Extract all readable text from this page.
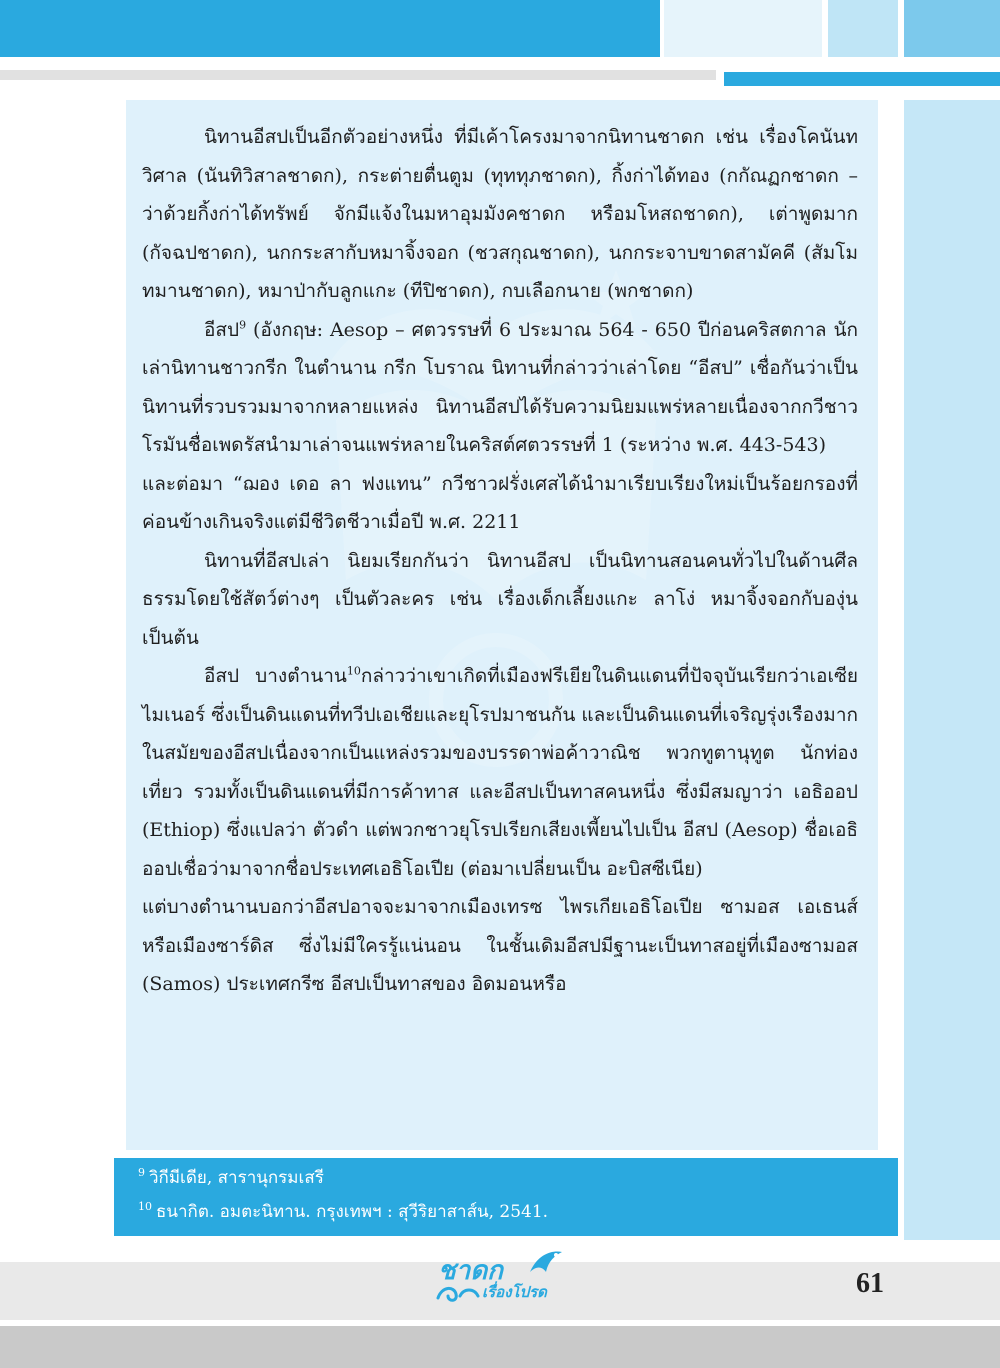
นิทานอีสปเป็นอีกตัวอย่างหนึ่ง ที่มีเค้าโครงมาจากนิทานชาดก เช่น เรื่องโคนันทวิศาล (นันทิวิสาลชาดก), กระต่ายตื่นตูม (ทุททุภชาดก), กิ้งก่าได้ทอง (กกัณฏกชาดก – ว่าด้วยกิ้งก่าได้ทรัพย์ จักมีแจ้งในมหาอุมมังคชาดก หรือมโหสถชาดก), เต่าพูดมาก (กัจฉปชาดก), นกกระสากับหมาจิ้งจอก (ชวสกุณชาดก), นกกระจาบขาดสามัคคี (สัมโมทมานชาดก), หมาป่ากับลูกแกะ (ทีปิชาดก), กบเลือกนาย (พกชาดก)

อีสป$^9$ (อังกฤษ: Aesop – ศตวรรษที่ 6 ประมาณ 564 - 650 ปีก่อนคริสตกาล นักเล่านิทานชาวกรีก ในตำนาน กรีก โบราณ นิทานที่กล่าวว่าเล่าโดย “อีสป” เชื่อกันว่าเป็นนิทานที่รวบรวมมาจากหลายแหล่ง นิทานอีสปได้รับความนิยมแพร่หลายเนื่องจากกวีชาวโรมันชื่อเพดรัสนำมาเล่าจนแพร่หลายในคริสต์ศตวรรษที่ 1 (ระหว่าง พ.ศ. 443-543)

และต่อมา “ฌอง เดอ ลา ฟงแทน” กวีชาวฝรั่งเศสได้นำมาเรียบเรียงใหม่เป็นร้อยกรองที่ค่อนข้างเกินจริงแต่มีชีวิตชีวาเมื่อปี พ.ศ. 2211

นิทานที่อีสปเล่า นิยมเรียกกันว่า นิทานอีสป เป็นนิทานสอนคนทั่วไปในด้านศีลธรรมโดยใช้สัตว์ต่างๆ เป็นตัวละคร เช่น เรื่องเด็กเลี้ยงแกะ ลาโง่ หมาจิ้งจอกกับองุ่น เป็นต้น

อีสป บางตำนาน$^{10}$กล่าวว่าเขาเกิดที่เมืองฟรีเยียในดินแดนที่ปัจจุบันเรียกว่าเอเซียไมเนอร์ ซึ่งเป็นดินแดนที่ทวีปเอเชียและยุโรปมาชนกัน และเป็นดินแดนที่เจริญรุ่งเรืองมากในสมัยของอีสปเนื่องจากเป็นแหล่งรวมของบรรดาพ่อค้าวาณิช พวกทูตานุทูต นักท่องเที่ยว รวมทั้งเป็นดินแดนที่มีการค้าทาส และอีสปเป็นทาสคนหนึ่ง ซึ่งมีสมญาว่า เอธิออป (Ethiop) ซึ่งแปลว่า ตัวดำ แต่พวกชาวยุโรปเรียกเสียงเพี้ยนไปเป็น อีสป (Aesop) ชื่อเอธิออปเชื่อว่ามาจากชื่อประเทศเอธิโอเปีย (ต่อมาเปลี่ยนเป็น อะบิสซีเนีย)

แต่บางตำนานบอกว่าอีสปอาจจะมาจากเมืองเทรซ ไพรเกียเอธิโอเปีย ซามอส เอเธนส์ หรือเมืองซาร์ดิส ซึ่งไม่มีใครรู้แน่นอน ในชั้นเดิมอีสปมีฐานะเป็นทาสอยู่ที่เมืองซามอส (Samos) ประเทศกรีซ อีสปเป็นทาสของ อิดมอนหรือ

$^9$ วิกีมีเดีย, สารานุกรมเสรี
$^{10}$ ธนากิต. อมตะนิทาน. กรุงเทพฯ : สุวีริยาสาส์น, 2541.
ชาดก
เรื่องโปรด	61
